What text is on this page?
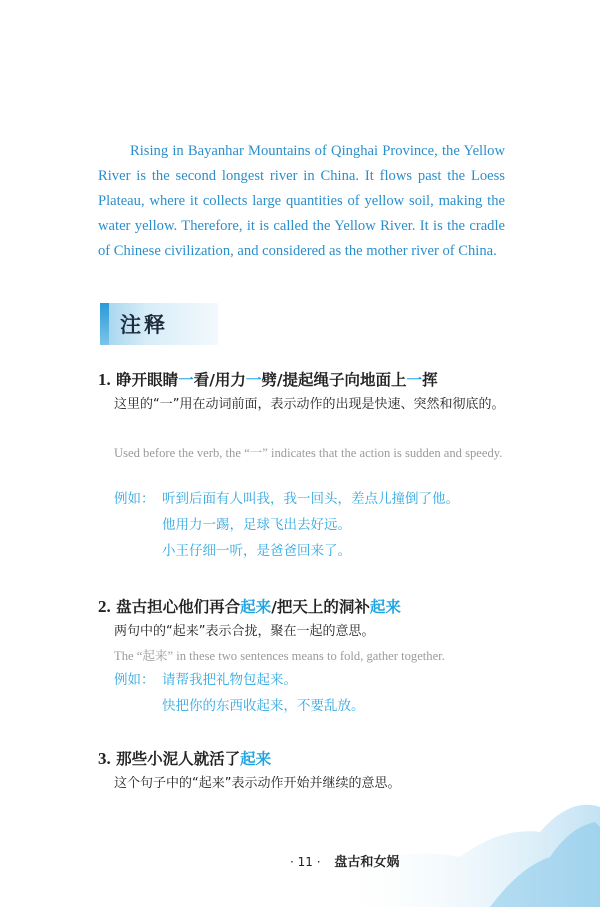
Rising in Bayanhar Mountains of Qinghai Province, the Yellow River is the second longest river in China. It flows past the Loess Plateau, where it collects large quantities of yellow soil, making the water yellow. Therefore, it is called the Yellow River. It is the cradle of Chinese civilization, and considered as the mother river of China.

注释
1. 睁开眼睛一看/用力一劈/提起绳子向地面上一挥
这里的“一”用在动词前面，表示动作的出现是快速、突然和彻底的。
Used before the verb, the “一” indicates that the action is sudden and speedy.
例如： 听到后面有人叫我，我一回头，差点儿撞倒了他。
他用力一踢，足球飞出去好远。
小王仔细一听，是爸爸回来了。
2. 盘古担心他们再合起来/把天上的洞补起来
两句中的“起来”表示合拢，聚在一起的意思。
The “起来” in these two sentences means to fold, gather together.
例如： 请帮我把礼物包起来。
快把你的东西收起来，不要乱放。
3. 那些小泥人就活了起来
这个句子中的“起来”表示动作开始并继续的意思。
· 11 · 盘古和女娲
